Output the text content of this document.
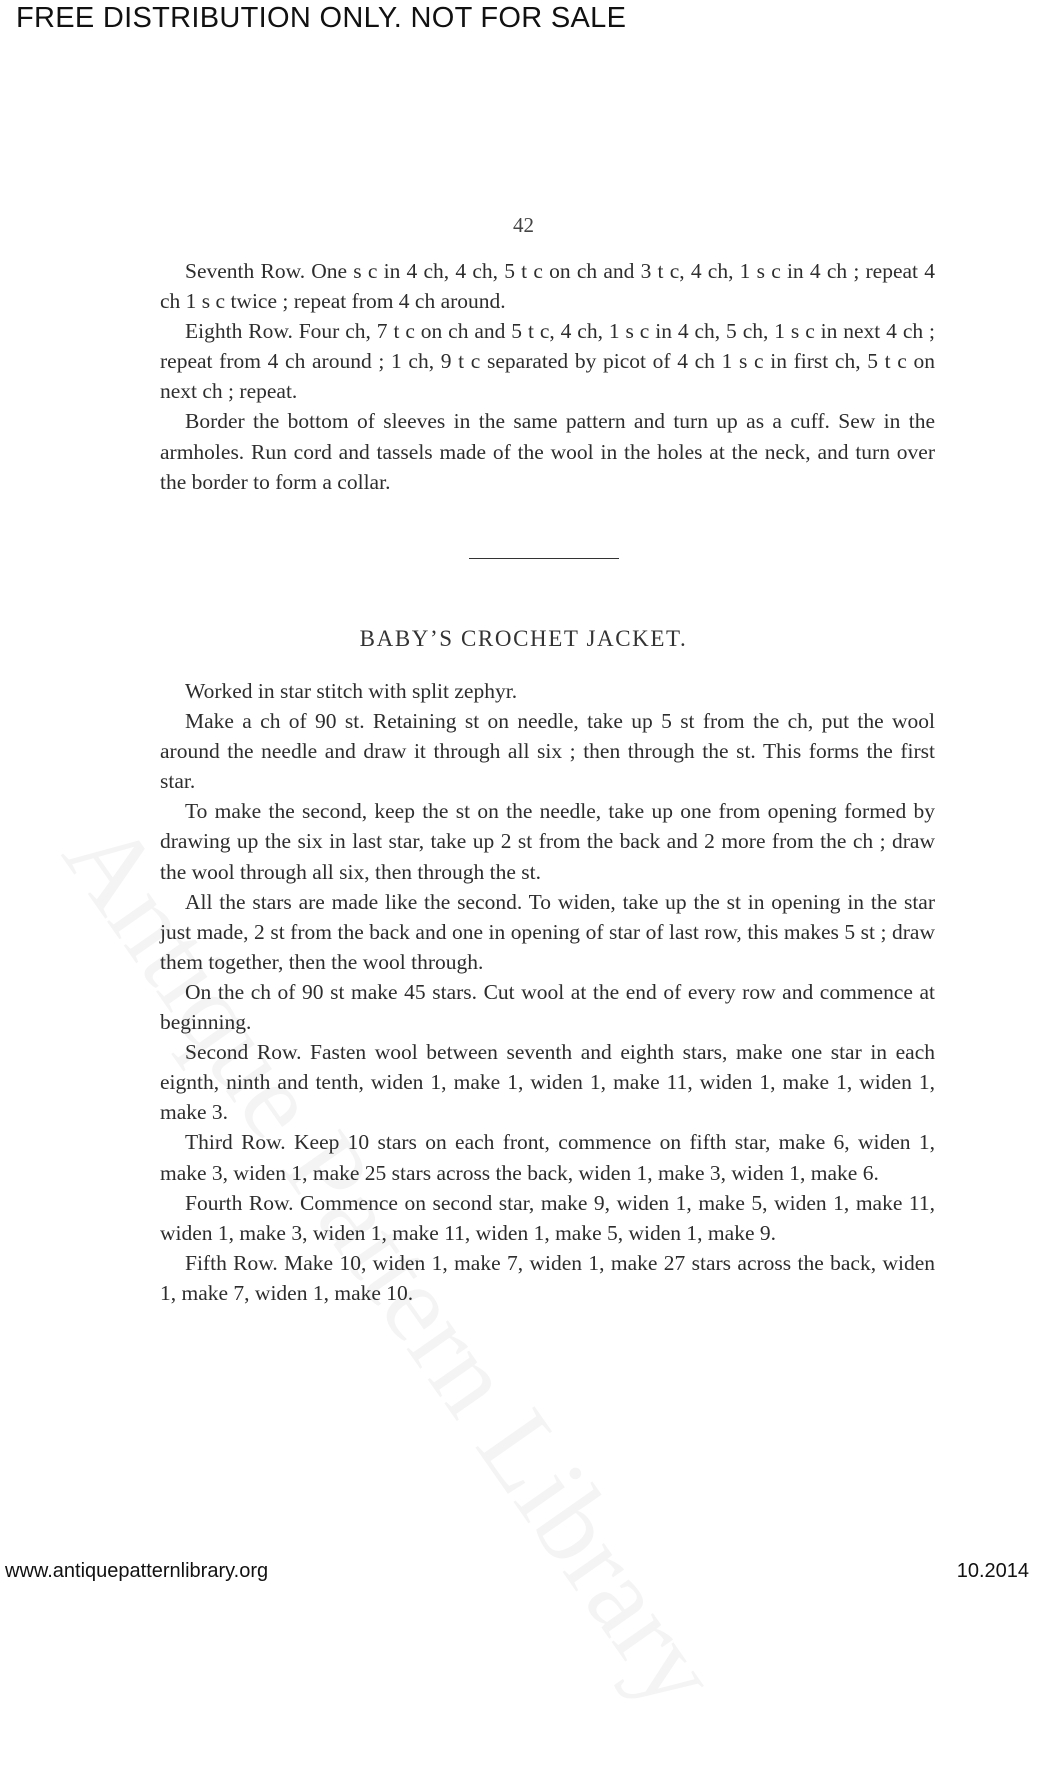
FREE DISTRIBUTION ONLY. NOT FOR SALE
42

Seventh Row. One s c in 4 ch, 4 ch, 5 t c on ch and 3 t c, 4 ch, 1 s c in 4 ch ; repeat 4 ch 1 s c twice ; repeat from 4 ch around.

Eighth Row. Four ch, 7 t c on ch and 5 t c, 4 ch, 1 s c in 4 ch, 5 ch, 1 s c in next 4 ch ; repeat from 4 ch around ; 1 ch, 9 t c separated by picot of 4 ch 1 s c in first ch, 5 t c on next ch ; repeat.

Border the bottom of sleeves in the same pattern and turn up as a cuff. Sew in the armholes. Run cord and tassels made of the wool in the holes at the neck, and turn over the border to form a collar.

BABY’S CROCHET JACKET.

Worked in star stitch with split zephyr.

Make a ch of 90 st. Retaining st on needle, take up 5 st from the ch, put the wool around the needle and draw it through all six ; then through the st. This forms the first star.

To make the second, keep the st on the needle, take up one from opening formed by drawing up the six in last star, take up 2 st from the back and 2 more from the ch ; draw the wool through all six, then through the st.

All the stars are made like the second. To widen, take up the st in opening in the star just made, 2 st from the back and one in opening of star of last row, this makes 5 st ; draw them together, then the wool through.

On the ch of 90 st make 45 stars. Cut wool at the end of every row and commence at beginning.

Second Row. Fasten wool between seventh and eighth stars, make one star in each eignth, ninth and tenth, widen 1, make 1, widen 1, make 11, widen 1, make 1, widen 1, make 3.

Third Row. Keep 10 stars on each front, commence on fifth star, make 6, widen 1, make 3, widen 1, make 25 stars across the back, widen 1, make 3, widen 1, make 6.

Fourth Row. Commence on second star, make 9, widen 1, make 5, widen 1, make 11, widen 1, make 3, widen 1, make 11, widen 1, make 5, widen 1, make 9.

Fifth Row. Make 10, widen 1, make 7, widen 1, make 27 stars across the back, widen 1, make 7, widen 1, make 10.

www.antiquepatternlibrary.org	10.2014
